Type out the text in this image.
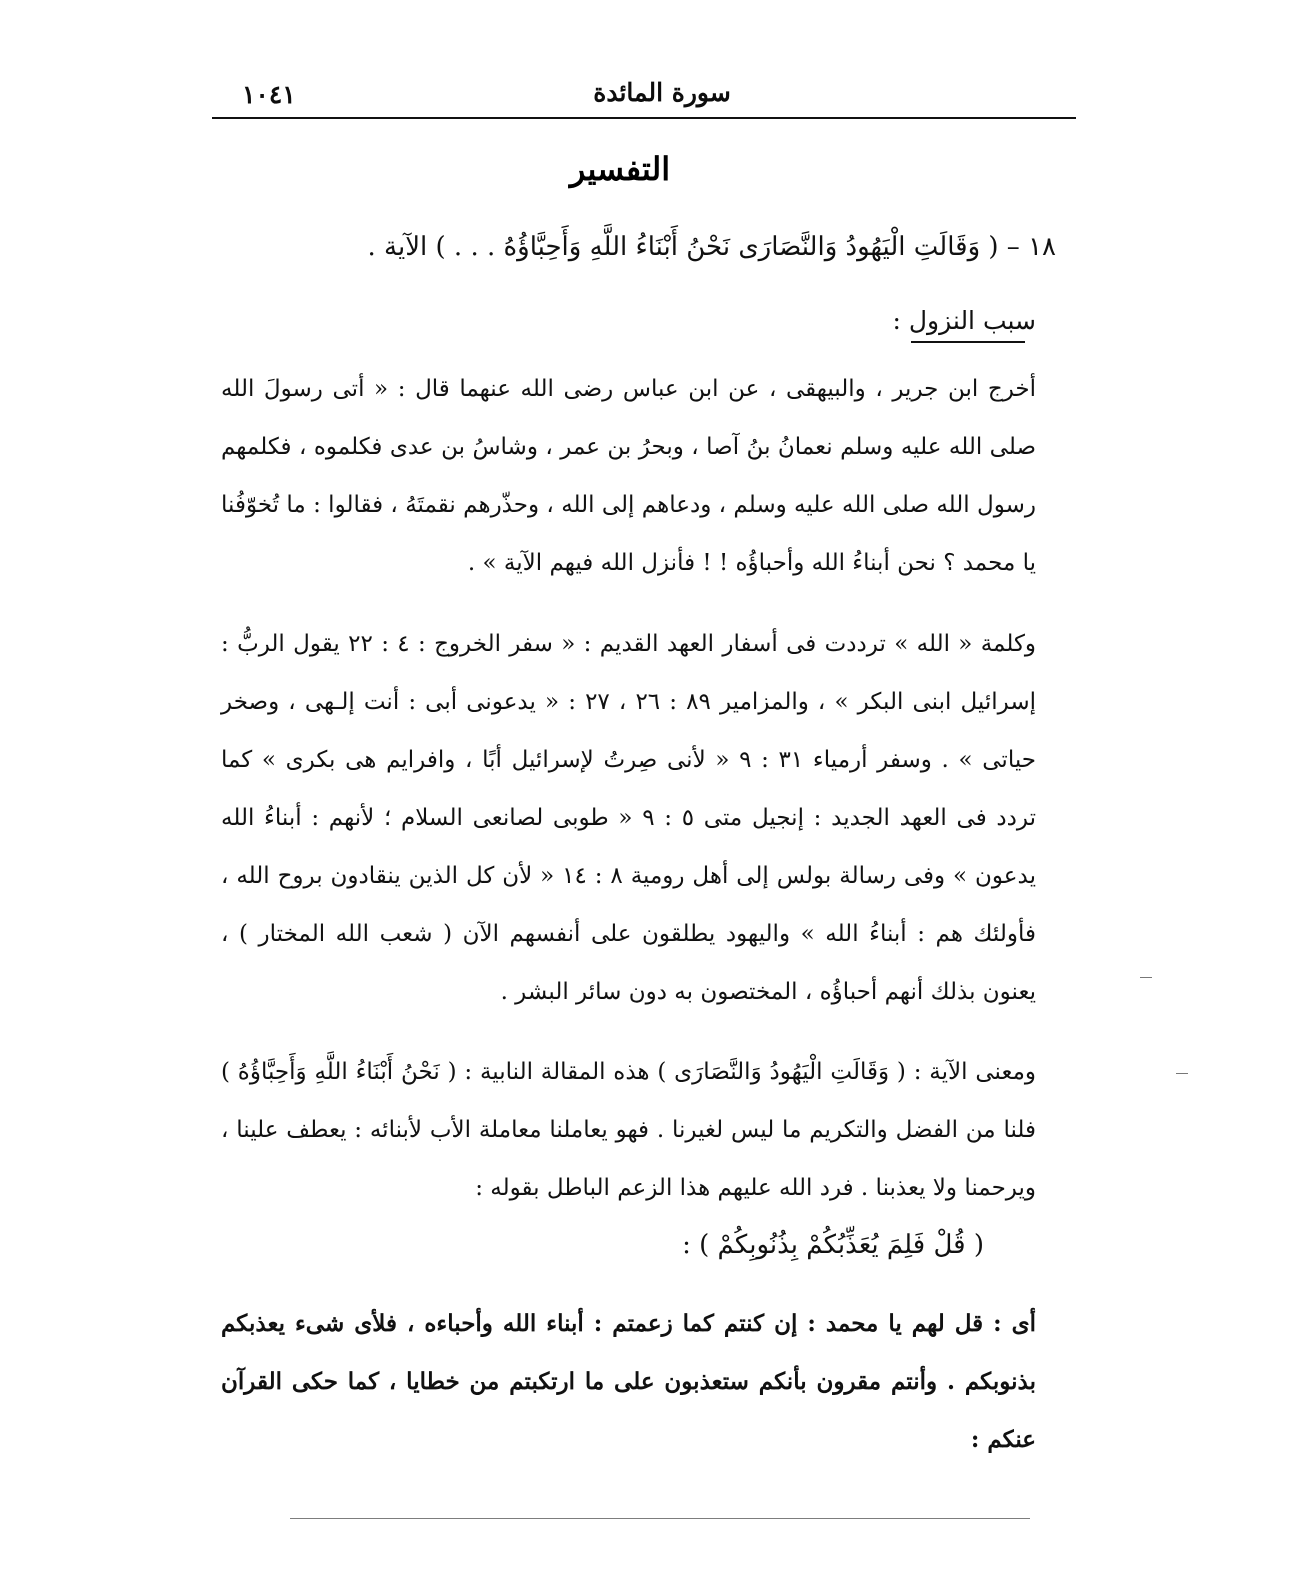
١٠٤١	سورة المائدة
التفسير
١٨ – ( وَقَالَتِ الْيَهُودُ وَالنَّصَارَى نَحْنُ أَبْنَاءُ اللَّهِ وَأَحِبَّاؤُهُ . . . ) الآية .
سبب النزول :
أخرج ابن جرير ، والبيهقى ، عن ابن عباس رضى الله عنهما قال : « أتى رسولَ الله صلى الله عليه وسلم نعمانُ بنُ آصا ، وبحرُ بن عمر ، وشاسُ بن عدى فكلموه ، فكلمهم رسول الله صلى الله عليه وسلم ، ودعاهم إلى الله ، وحذّرهم نقمتَهُ ، فقالوا : ما تُخوّفُنا يا محمد ؟ نحن أبناءُ الله وأحباؤُه ! ! فأنزل الله فيهم الآية » .
وكلمة « الله » ترددت فى أسفار العهد القديم : « سفر الخروج : ٤ : ٢٢ يقول الربُّ : إسرائيل ابنى البكر » ، والمزامير ٨٩ : ٢٦ ، ٢٧ : « يدعونى أبى : أنت إلـهى ، وصخر حياتى » . وسفر أرمياء ٣١ : ٩ « لأنى صِرتُ لإسرائيل أبًا ، وافرايم هى بكرى » كما تردد فى العهد الجديد : إنجيل متى ٥ : ٩ « طوبى لصانعى السلام ؛ لأنهم : أبناءُ الله يدعون » وفى رسالة بولس إلى أهل رومية ٨ : ١٤ « لأن كل الذين ينقادون بروح الله ، فأولئك هم : أبناءُ الله » واليهود يطلقون على أنفسهم الآن ( شعب الله المختار ) ، يعنون بذلك أنهم أحباؤُه ، المختصون به دون سائر البشر .
ومعنى الآية : ( وَقَالَتِ الْيَهُودُ وَالنَّصَارَى ) هذه المقالة النابية : ( نَحْنُ أَبْنَاءُ اللَّهِ وَأَحِبَّاؤُهُ ) فلنا من الفضل والتكريم ما ليس لغيرنا . فهو يعاملنا معاملة الأب لأبنائه : يعطف علينا ، ويرحمنا ولا يعذبنا . فرد الله عليهم هذا الزعم الباطل بقوله :
( قُلْ فَلِمَ يُعَذِّبُكُمْ بِذُنُوبِكُمْ ) :
أى : قل لهم يا محمد : إن كنتم كما زعمتم : أبناء الله وأحباءه ، فلأى شىء يعذبكم بذنوبكم . وأنتم مقرون بأنكم ستعذبون على ما ارتكبتم من خطايا ، كما حكى القرآن عنكم :
